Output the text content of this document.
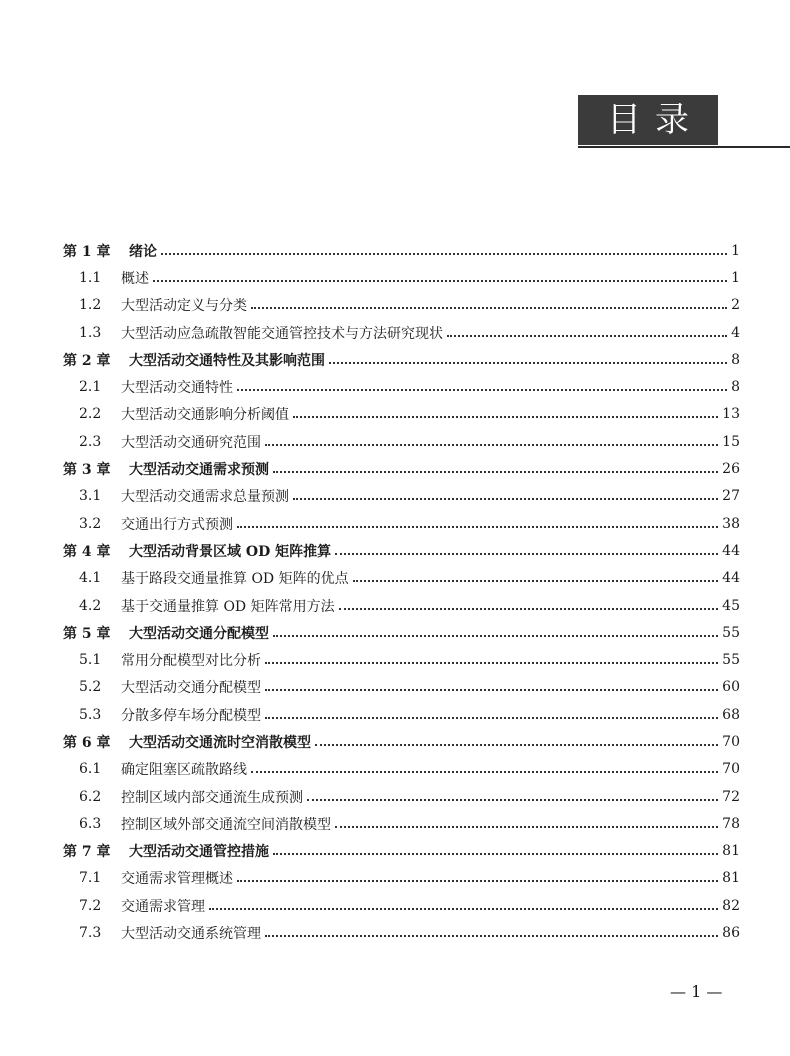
目录
第 1 章	绪论	1
1.1	概述	1
1.2	大型活动定义与分类	2
1.3	大型活动应急疏散智能交通管控技术与方法研究现状	4
第 2 章	大型活动交通特性及其影响范围	8
2.1	大型活动交通特性	8
2.2	大型活动交通影响分析阈值	13
2.3	大型活动交通研究范围	15
第 3 章	大型活动交通需求预测	26
3.1	大型活动交通需求总量预测	27
3.2	交通出行方式预测	38
第 4 章	大型活动背景区域 OD 矩阵推算	44
4.1	基于路段交通量推算 OD 矩阵的优点	44
4.2	基于交通量推算 OD 矩阵常用方法	45
第 5 章	大型活动交通分配模型	55
5.1	常用分配模型对比分析	55
5.2	大型活动交通分配模型	60
5.3	分散多停车场分配模型	68
第 6 章	大型活动交通流时空消散模型	70
6.1	确定阻塞区疏散路线	70
6.2	控制区域内部交通流生成预测	72
6.3	控制区域外部交通流空间消散模型	78
第 7 章	大型活动交通管控措施	81
7.1	交通需求管理概述	81
7.2	交通需求管理	82
7.3	大型活动交通系统管理	86
— 1 —
